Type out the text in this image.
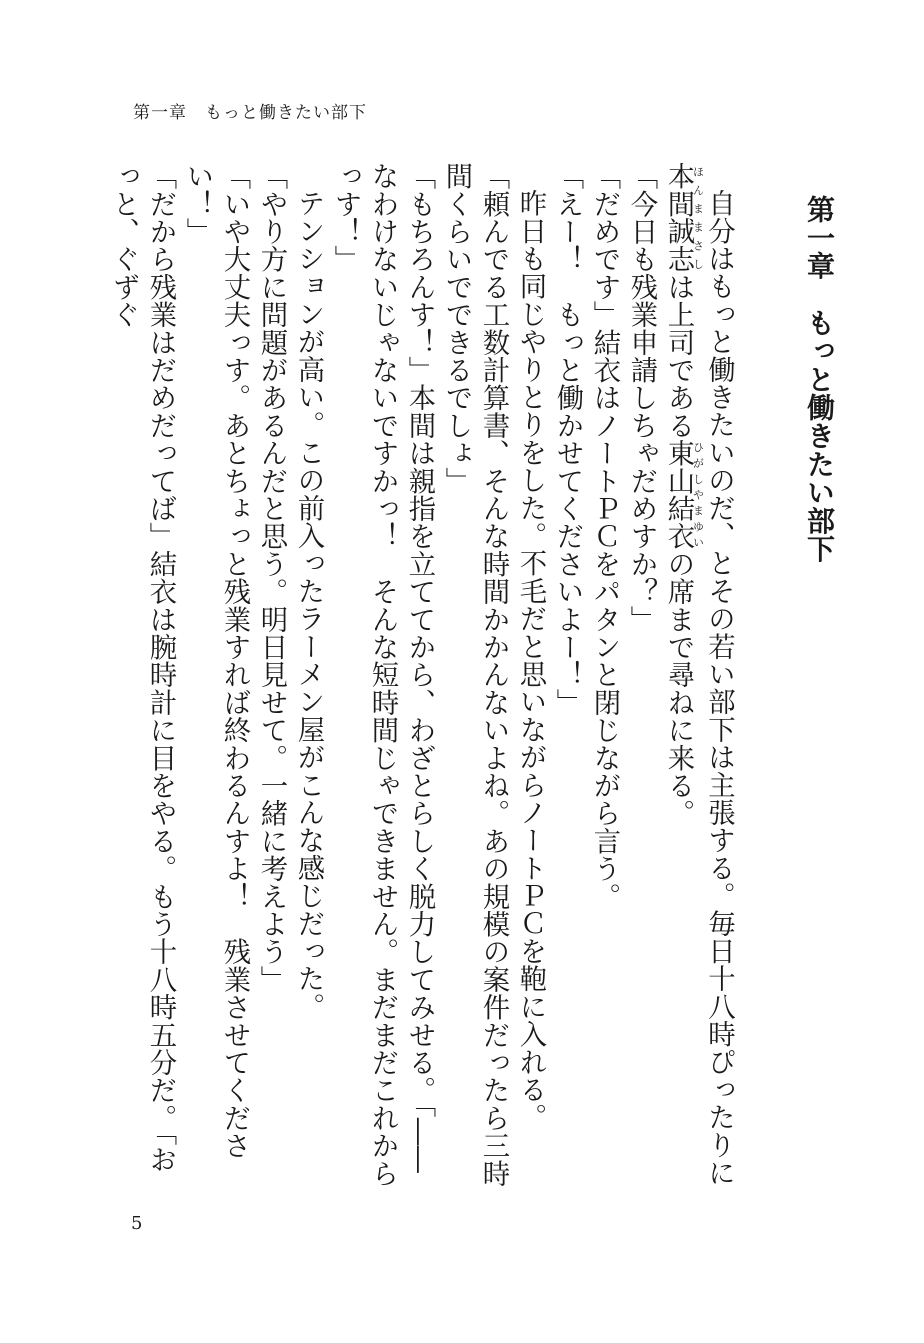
第一章　もっと働きたい部下
第一章　もっと働きたい部下

自分はもっと働きたいのだ、とその若い部下は主張する。毎日十八時ぴったりに本間ほんま誠志まさしは上司である東山結衣ひがしやまゆいの席まで尋ねに来る。

「今日も残業申請しちゃだめすか？」

「だめです」結衣はノートＰＣをパタンと閉じながら言う。

「えー！　もっと働かせてくださいよー！」

昨日も同じやりとりをした。不毛だと思いながらノートＰＣを鞄に入れる。

「頼んでる工数計算書、そんな時間かかんないよね。あの規模の案件だったら三時間くらいでできるでしょ」

「もちろんす！」本間は親指を立ててから、わざとらしく脱力してみせる。「――なわけないじゃないですかっ！　そんな短時間じゃできません。まだまだこれからっす！」

テンションが高い。この前入ったラーメン屋がこんな感じだった。

「やり方に問題があるんだと思う。明日見せて。一緒に考えよう」

「いや大丈夫っす。あとちょっと残業すれば終わるんすよ！　残業させてください！」

「だから残業はだめだってば」結衣は腕時計に目をやる。もう十八時五分だ。「おっと、ぐずぐ

5
